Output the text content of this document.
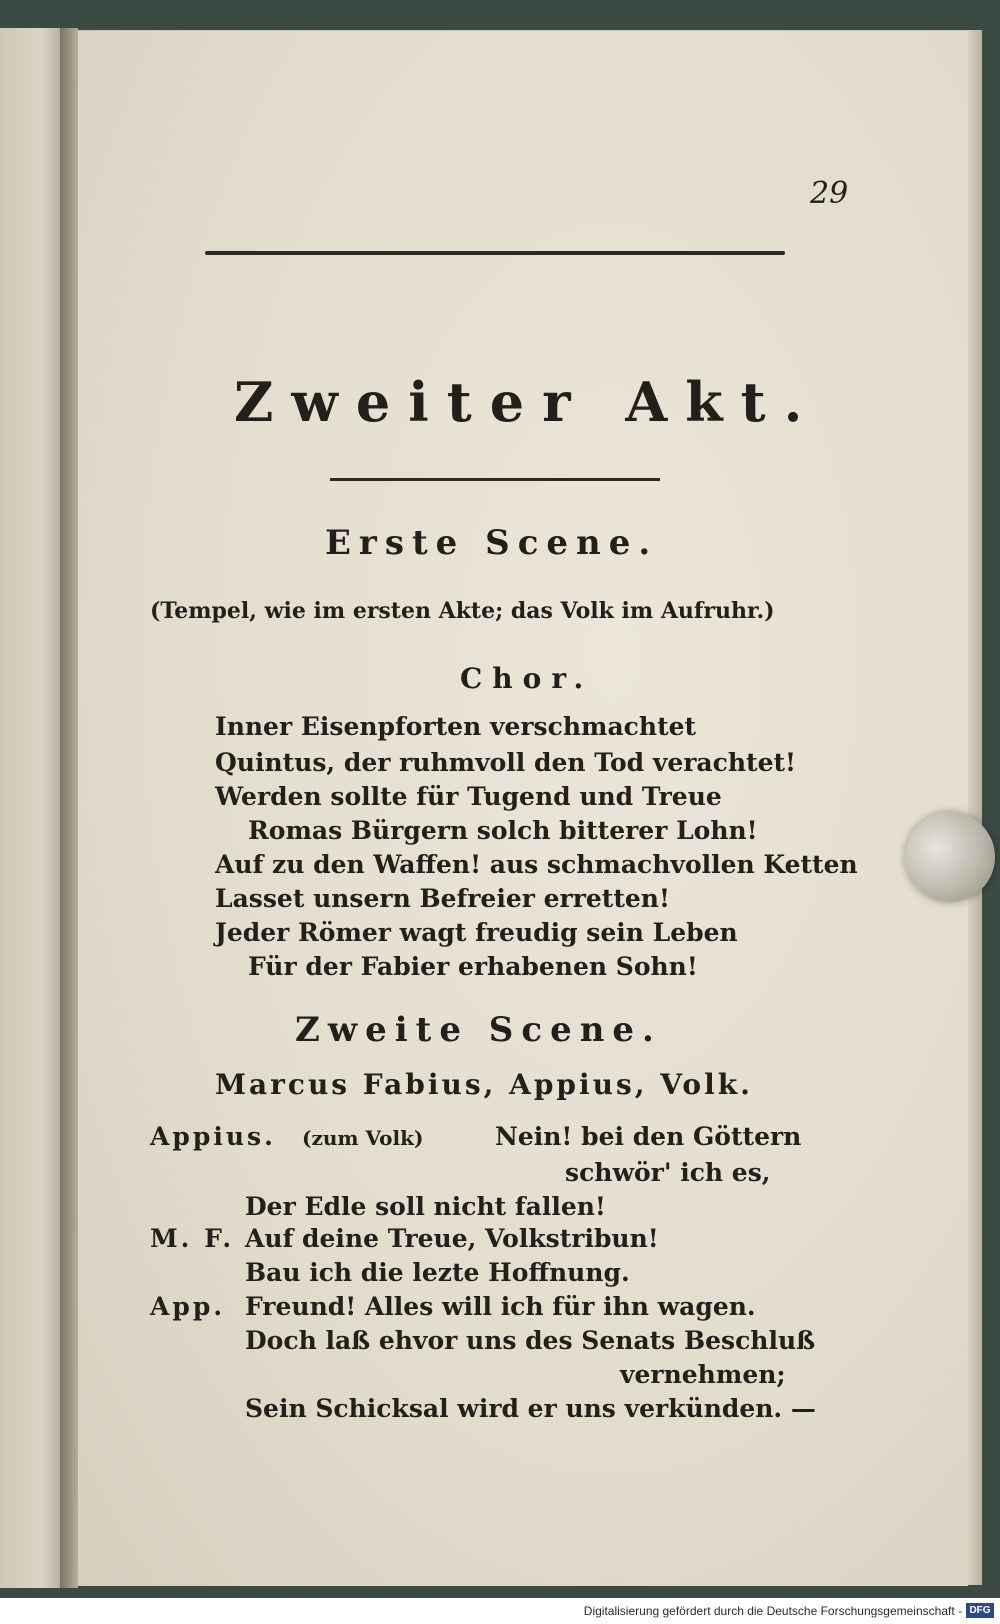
29
Zweiter Akt.
Erste Scene.
(Tempel, wie im ersten Akte; das Volk im Aufruhr.)
Chor.
Inner Eisenpforten verschmachtet
Quintus, der ruhmvoll den Tod verachtet!
Werden sollte für Tugend und Treue
Romas Bürgern solch bitterer Lohn!
Auf zu den Waffen! aus schmachvollen Ketten
Lasset unsern Befreier erretten!
Jeder Römer wagt freudig sein Leben
Für der Fabier erhabenen Sohn!
Zweite Scene.
Marcus Fabius, Appius, Volk.
Appius. (zum Volk)	Nein! bei den Göttern
schwör' ich es,
Der Edle soll nicht fallen!
M. F. Auf deine Treue, Volkstribun!
Bau ich die lezte Hoffnung.
App. Freund! Alles will ich für ihn wagen.
Doch laß ehvor uns des Senats Beschluß
vernehmen;
Sein Schicksal wird er uns verkünden. —
Digitalisierung gefördert durch die Deutsche Forschungsgemeinschaft - DFG
